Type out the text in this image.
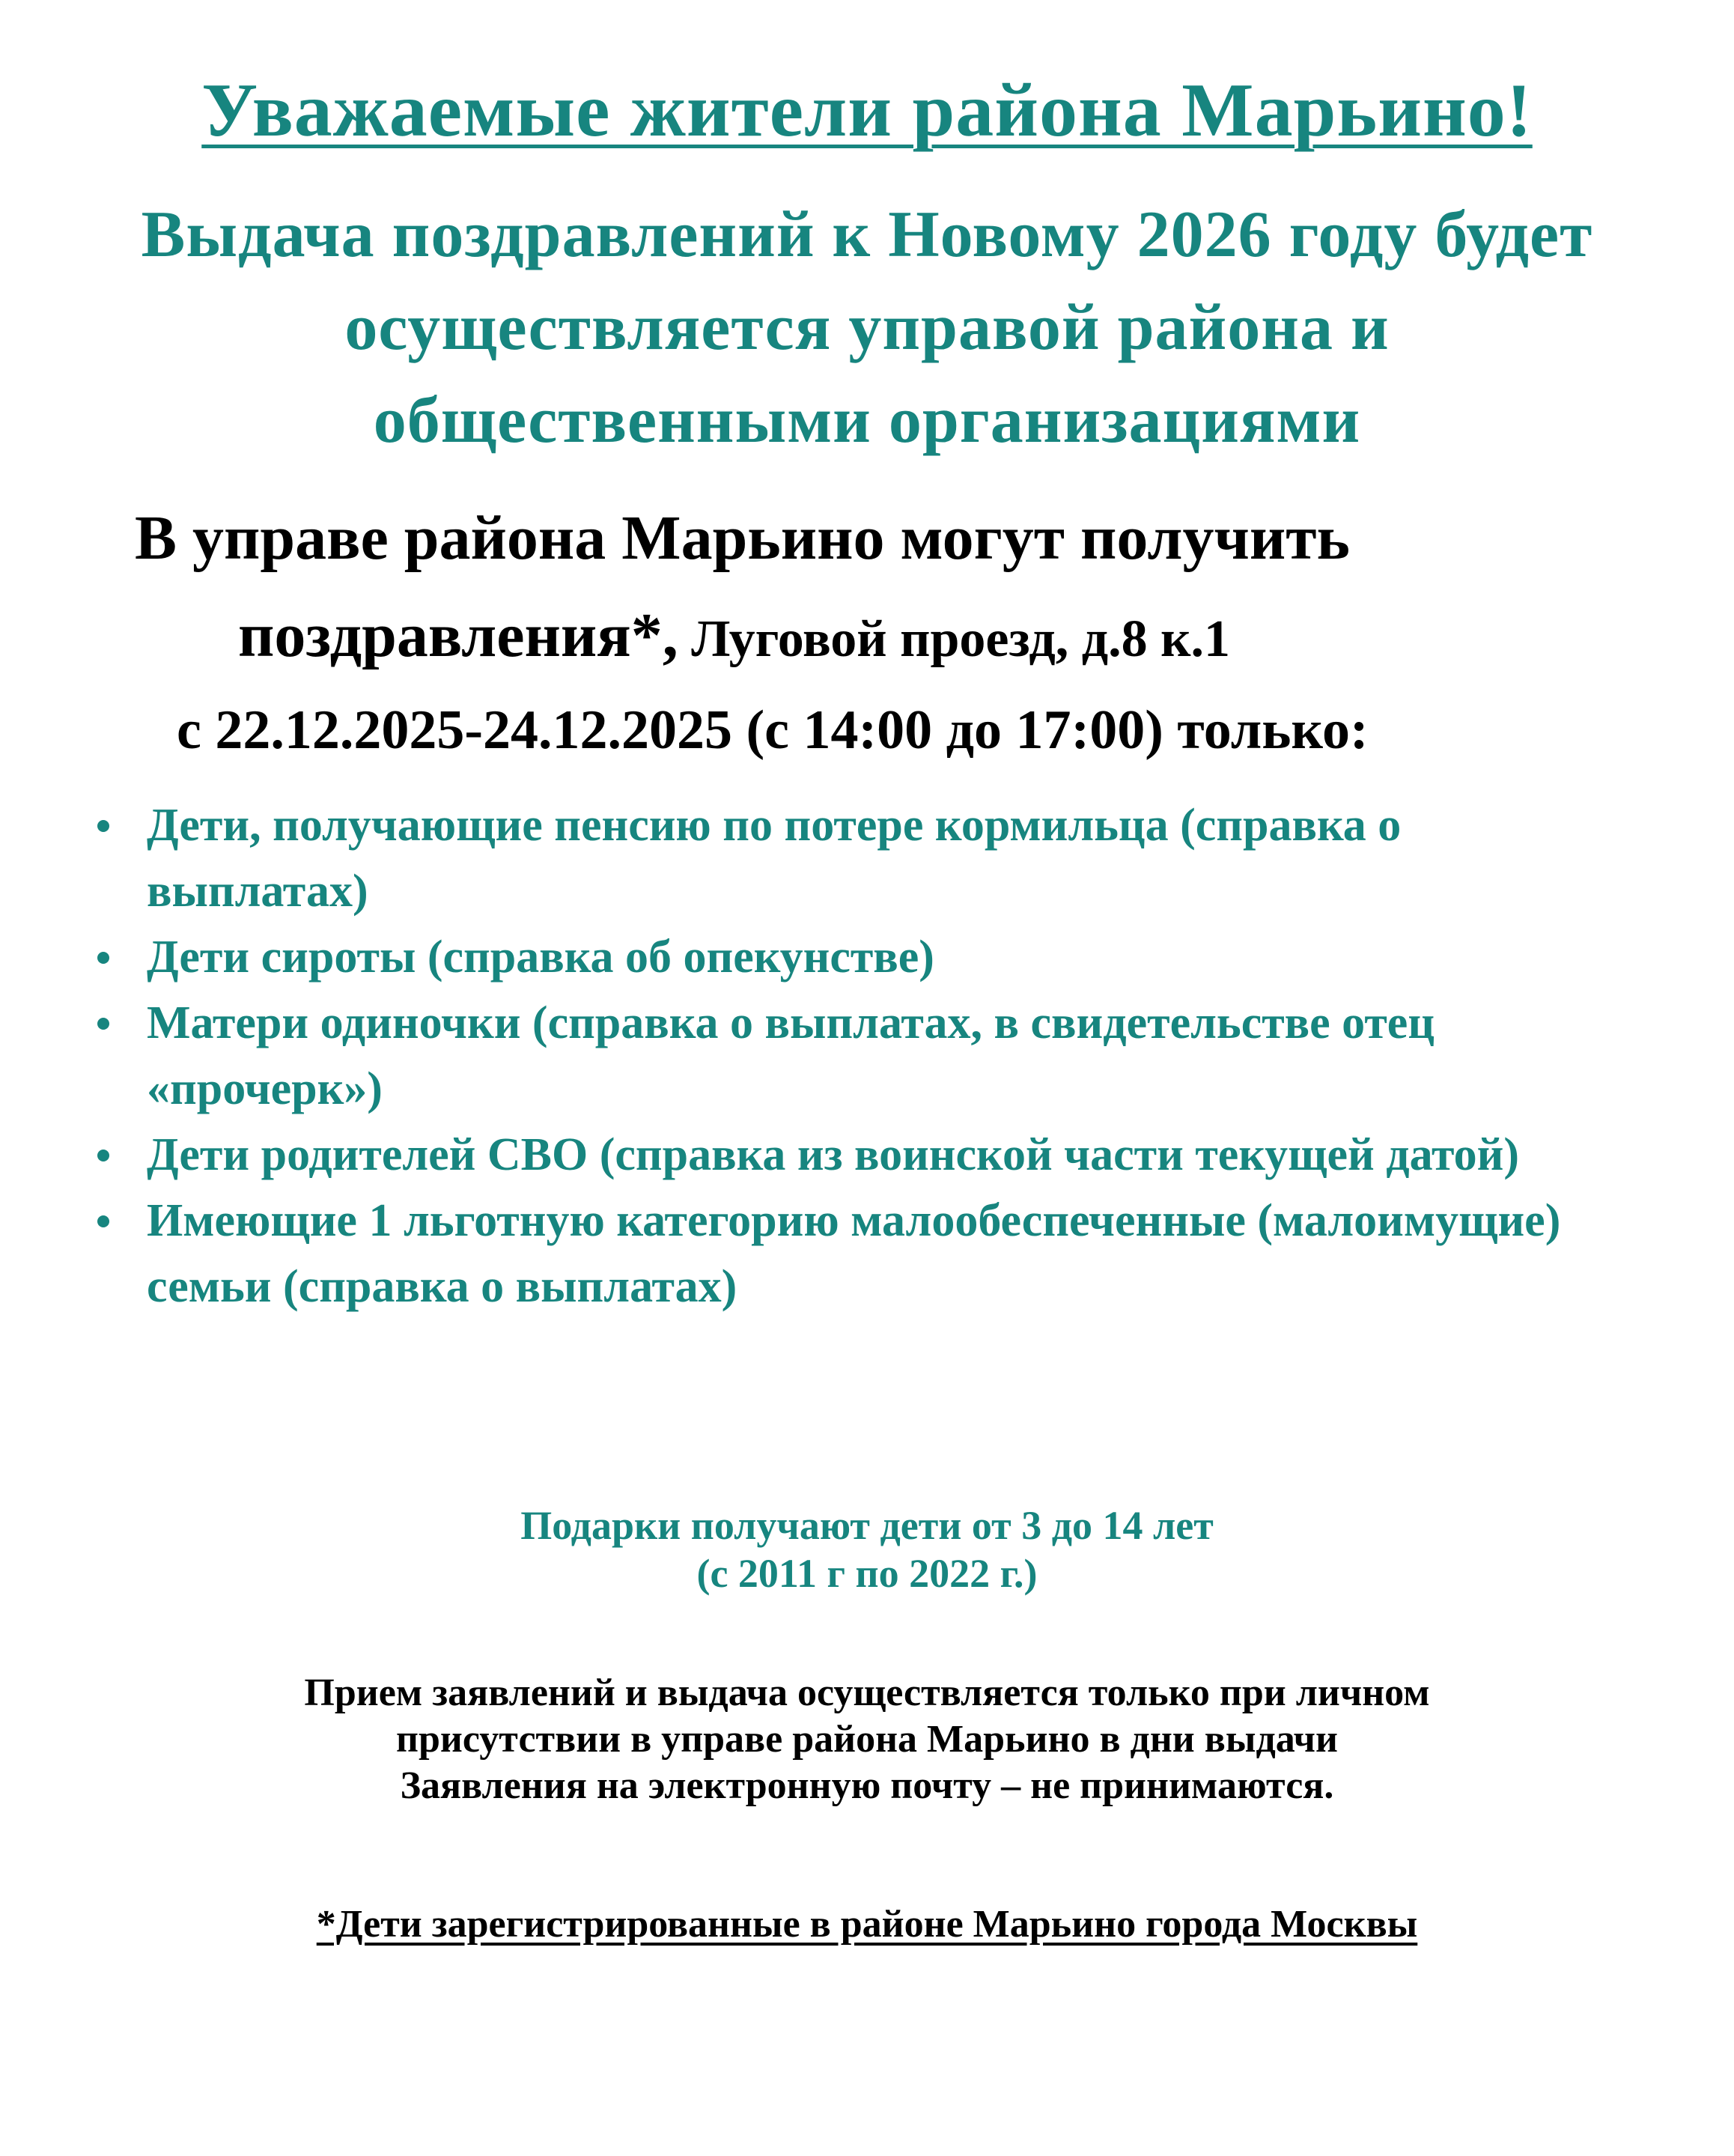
Уважаемые жители района Марьино!
Выдача поздравлений к Новому 2026 году будет
осуществляется управой района и
общественными организациями
В управе района Марьино могут получить
поздравления*, Луговой проезд, д.8 к.1
с 22.12.2025-24.12.2025 (с 14:00 до 17:00) только:
Дети, получающие пенсию по потере кормильца (справка о выплатах)
Дети сироты (справка об опекунстве)
Матери одиночки (справка о выплатах, в свидетельстве отец «прочерк»)
Дети родителей СВО (справка из воинской части текущей датой)
Имеющие 1 льготную категорию малообеспеченные (малоимущие) семьи (справка о выплатах)
Подарки получают дети от 3 до 14 лет
(с 2011 г по 2022 г.)
Прием заявлений и выдача осуществляется только при личном
присутствии в управе района Марьино в дни выдачи
Заявления на электронную почту – не принимаются.
*Дети зарегистрированные в районе Марьино города Москвы
